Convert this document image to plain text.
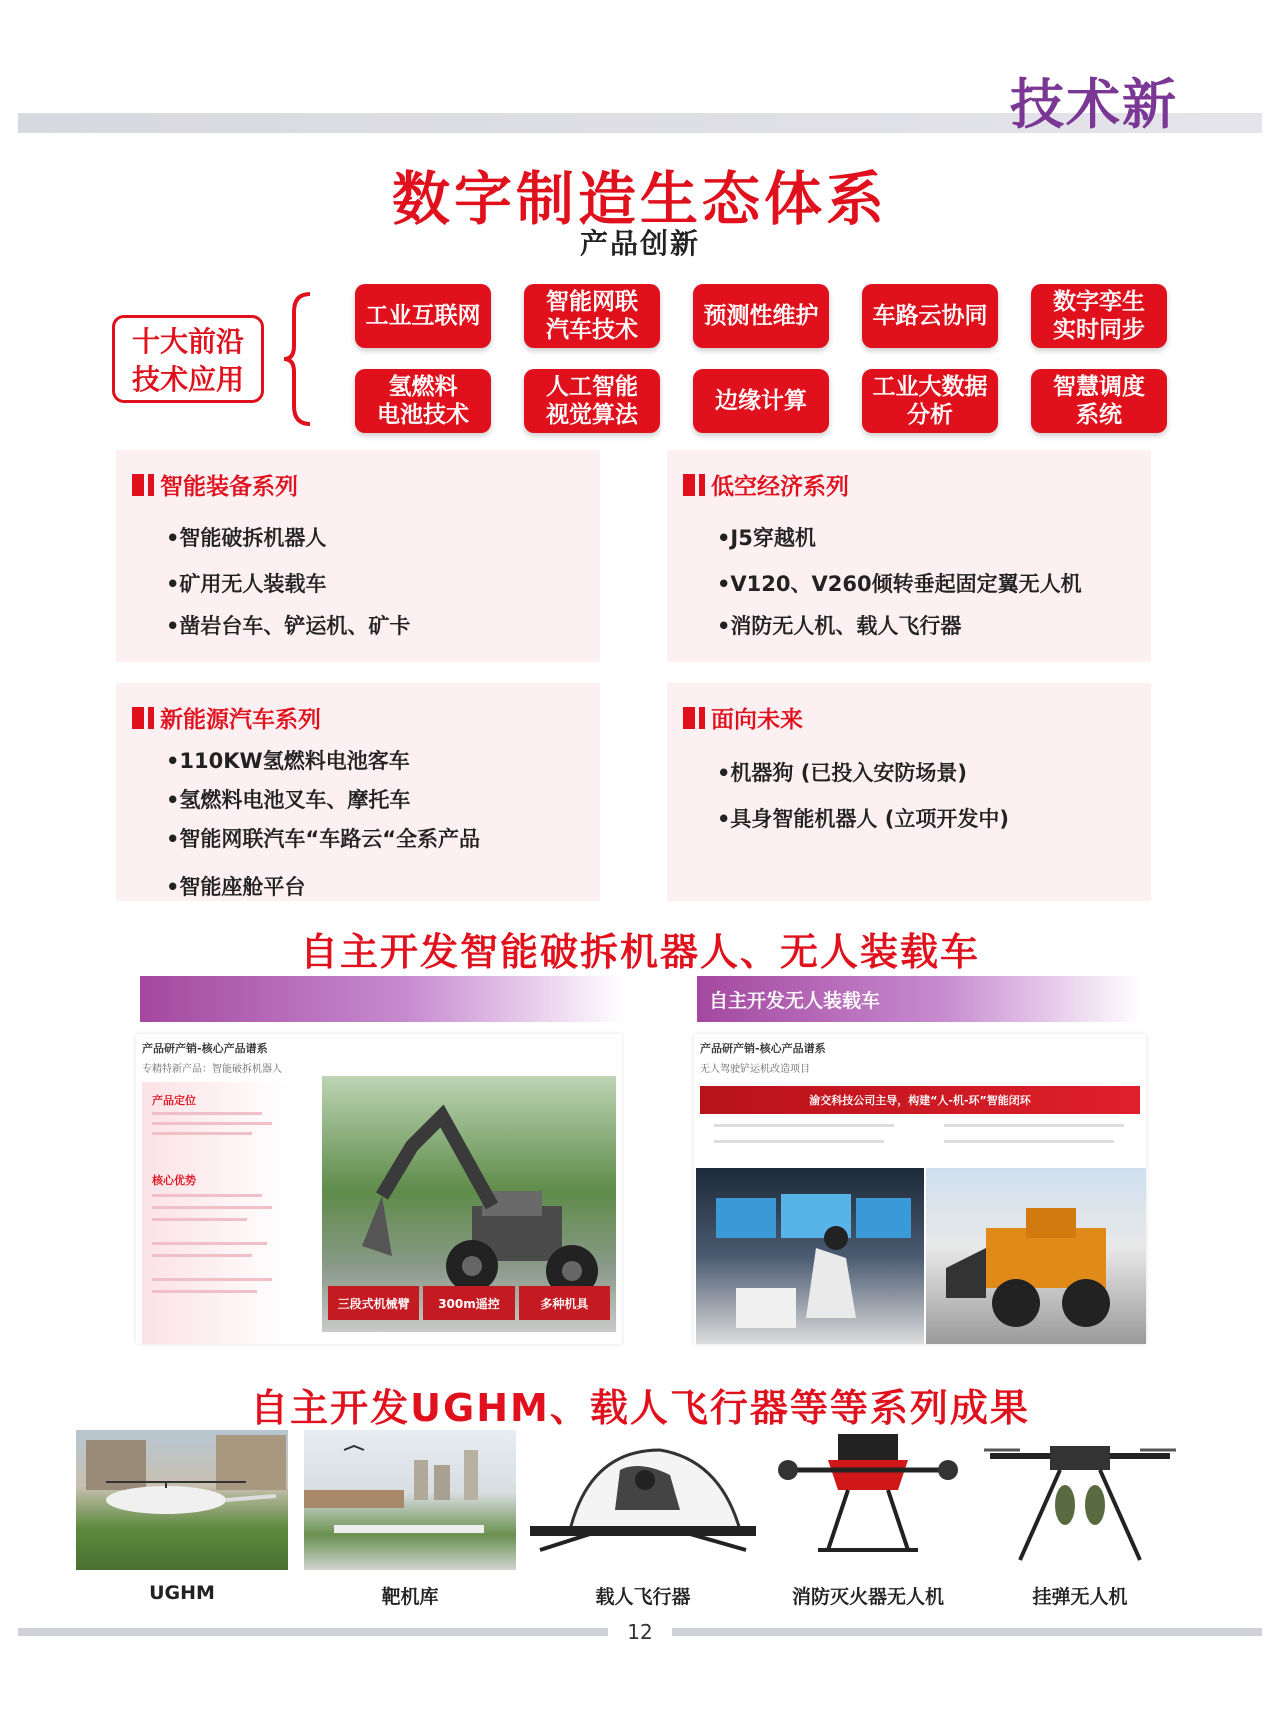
技术新
数字制造生态体系
产品创新
十大前沿
技术应用
工业互联网
智能网联
汽车技术
预测性维护	车路云协同
数字孪生
实时同步
氢燃料
电池技术
人工智能
视觉算法
边缘计算
工业大数据
分析
智慧调度
系统
智能装备系列
•智能破拆机器人
•矿用无人装载车
•凿岩台车、铲运机、矿卡
低空经济系列
•J5穿越机
•V120、V260倾转垂起固定翼无人机
•消防无人机、载人飞行器
新能源汽车系列
•110KW氢燃料电池客车
•氢燃料电池叉车、摩托车
•智能网联汽车“车路云“全系产品
•智能座舱平台
面向未来
•机器狗 (已投入安防场景)
•具身智能机器人 (立项开发中)
自主开发智能破拆机器人、无人装载车
自主开发无人装载车
产品研产销-核心产品谱系
专精特新产品：智能破拆机器人
产品定位
核心优势
三段式机械臂	300m遥控	多种机具
产品研产销-核心产品谱系
无人驾驶铲运机改造项目
渝交科技公司主导，构建“人-机-环”智能闭环
自主开发UGHM、载人飞行器等等系列成果
UGHM	靶机库	载人飞行器	消防灭火器无人机	挂弹无人机
12
